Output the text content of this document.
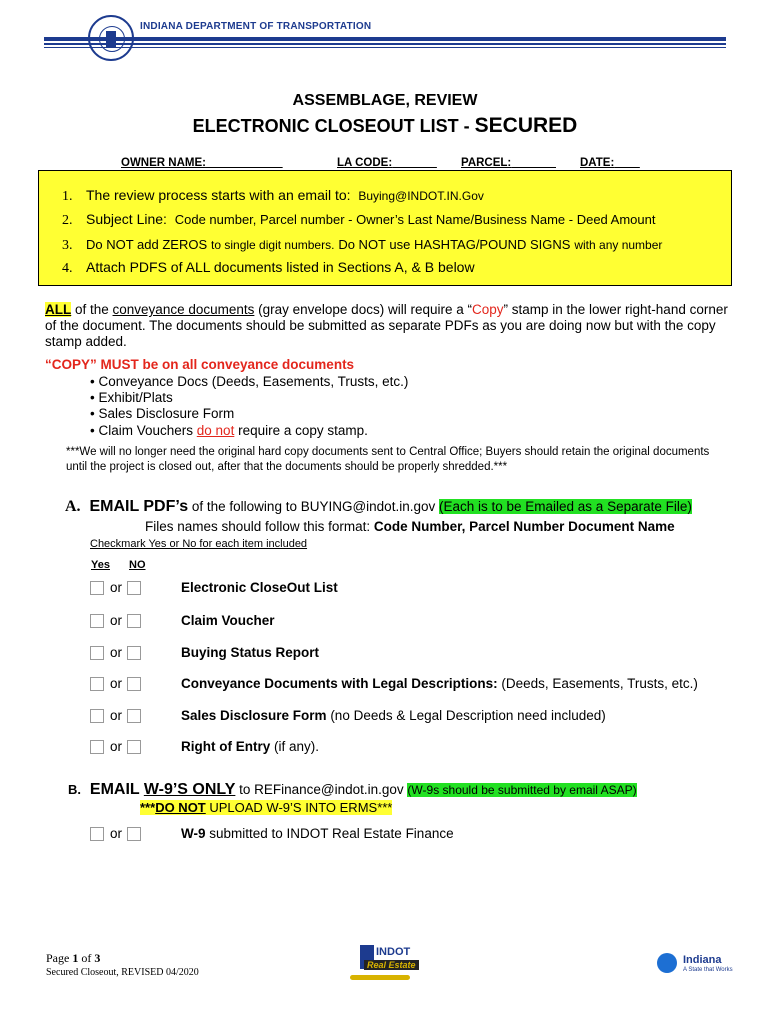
INDIANA DEPARTMENT OF TRANSPORTATION
ASSEMBLAGE, REVIEW
ELECTRONIC CLOSEOUT LIST - SECURED
OWNER NAME:	LA CODE:	PARCEL:	DATE:
1. The review process starts with an email to: Buying@INDOT.IN.Gov
2. Subject Line: Code number, Parcel number - Owner’s Last Name/Business Name - Deed Amount
3. Do NOT add ZEROS to single digit numbers. Do NOT use HASHTAG/POUND SIGNS with any number
4. Attach PDFS of ALL documents listed in Sections A, & B below
ALL of the conveyance documents (gray envelope docs) will require a “Copy” stamp in the lower right-hand corner of the document. The documents should be submitted as separate PDFs as you are doing now but with the copy stamp added.
“COPY” MUST be on all conveyance documents
• Conveyance Docs (Deeds, Easements, Trusts, etc.)
• Exhibit/Plats
• Sales Disclosure Form
• Claim Vouchers do not require a copy stamp.
***We will no longer need the original hard copy documents sent to Central Office; Buyers should retain the original documents until the project is closed out, after that the documents should be properly shredded.***
A. EMAIL PDF’s of the following to BUYING@indot.in.gov (Each is to be Emailed as a Separate File)
Files names should follow this format: Code Number, Parcel Number Document Name
Checkmark Yes or No for each item included
Yes NO
or	Electronic CloseOut List
or	Claim Voucher
or	Buying Status Report
or	Conveyance Documents with Legal Descriptions: (Deeds, Easements, Trusts, etc.)
or	Sales Disclosure Form (no Deeds & Legal Description need included)
or	Right of Entry (if any).
B. EMAIL W-9’S ONLY to REFinance@indot.in.gov (W-9s should be submitted by email ASAP)
***DO NOT UPLOAD W-9’S INTO ERMS***
or	W-9 submitted to INDOT Real Estate Finance
Page 1 of 3
Secured Closeout, REVISED 04/2020
INDOT
Real Estate	Indiana
A State that Works
